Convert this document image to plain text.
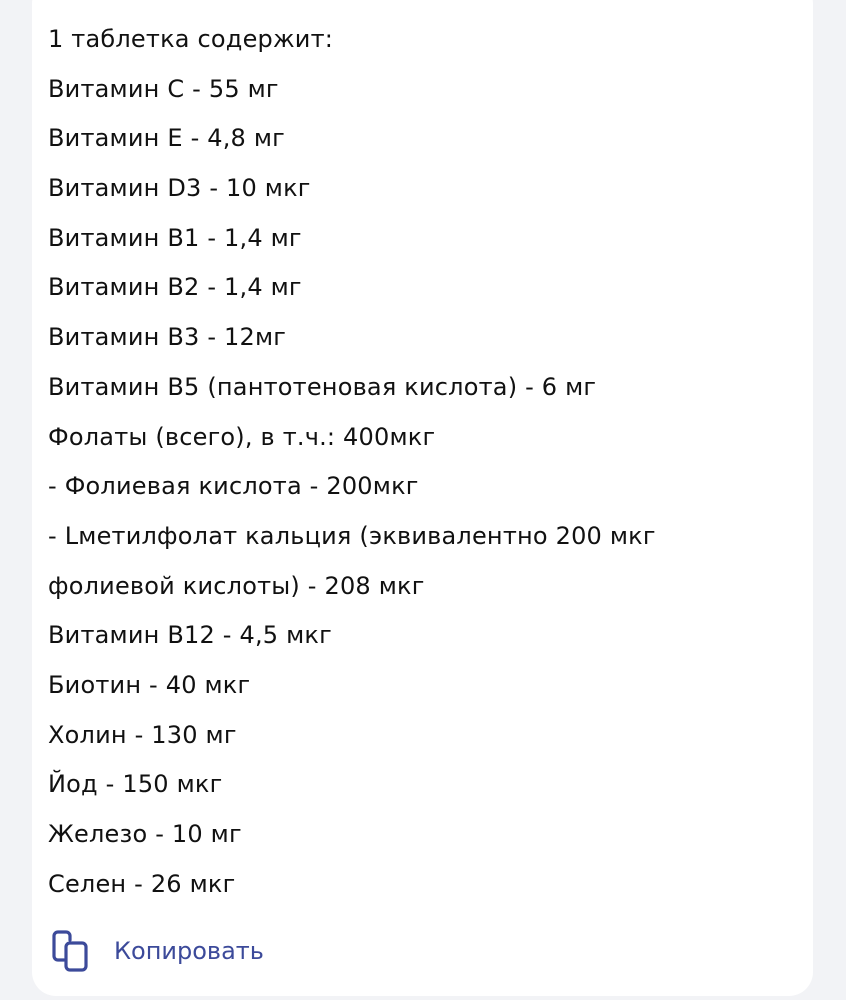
1 таблетка содержит:
Витамин С - 55 мг
Витамин Е - 4,8 мг
Витамин D3 - 10 мкг
Витамин B1 - 1,4 мг
Витамин B2 - 1,4 мг
Витамин B3 - 12мг
Витамин B5 (пантотеновая кислота) - 6 мг
Фолаты (всего), в т.ч.: 400мкг
- Фолиевая кислота - 200мкг
- Lметилфолат кальция (эквивалентно 200 мкг
фолиевой кислоты) - 208 мкг
Витамин B12 - 4,5 мкг
Биотин - 40 мкг
Холин - 130 мг
Йод - 150 мкг
Железо - 10 мг
Селен - 26 мкг
Копировать
